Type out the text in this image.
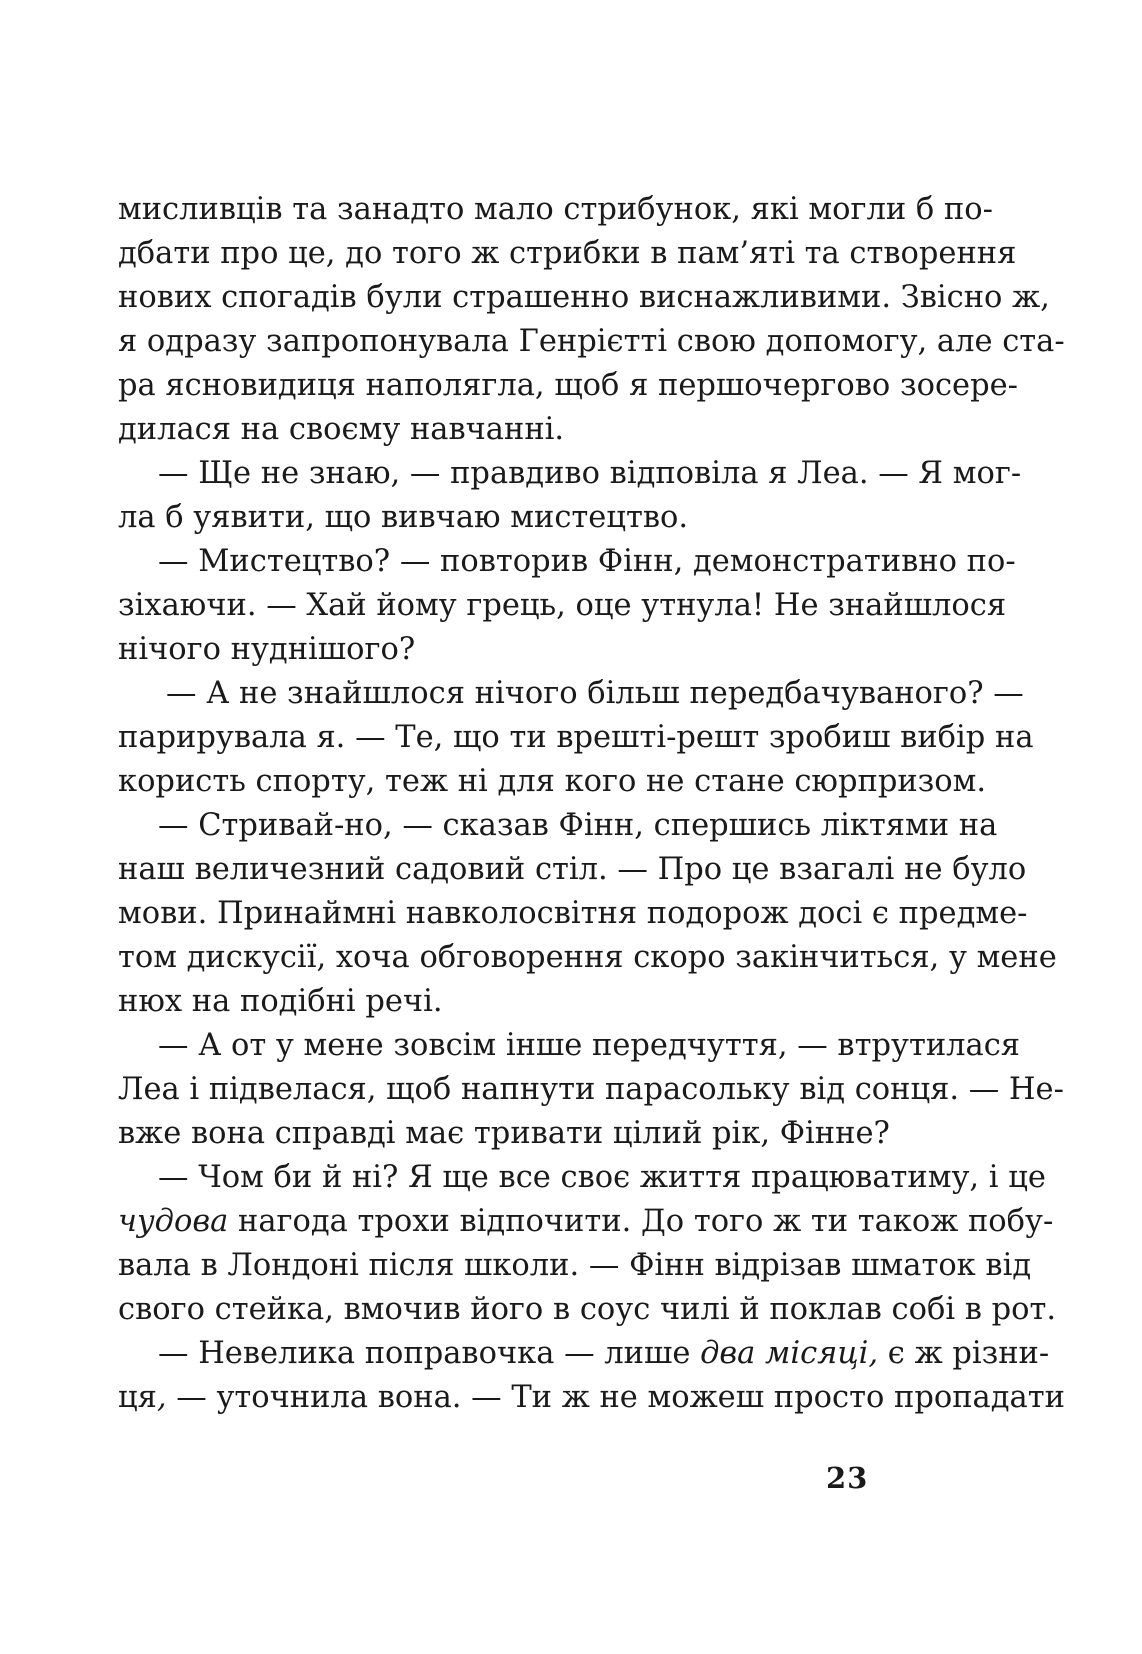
мисливців та занадто мало стрибунок, які могли б по-
дбати про це, до того ж стрибки в пам’яті та створення
нових спогадів були страшенно виснажливими. Звісно ж,
я одразу запропонувала Генрієтті свою допомогу, але ста-
ра ясновидиця наполягла, щоб я першочергово зосере-
дилася на своєму навчанні.
— Ще не знаю, — правдиво відповіла я Леа. — Я мог-
ла б уявити, що вивчаю мистецтво.
— Мистецтво? — повторив Фінн, демонстративно по-
зіхаючи. — Хай йому грець, оце утнула! Не знайшлося
нічого нуднішого?
— А не знайшлося нічого більш передбачуваного? —
парирувала я. — Те, що ти врешті-решт зробиш вибір на
користь спорту, теж ні для кого не стане сюрпризом.
— Стривай-но, — сказав Фінн, спершись ліктями на
наш величезний садовий стіл. — Про це взагалі не було
мови. Принаймні навколосвітня подорож досі є предме-
том дискусії, хоча обговорення скоро закінчиться, у мене
нюх на подібні речі.
— А от у мене зовсім інше передчуття, — втрутилася
Леа і підвелася, щоб напнути парасольку від сонця. — Не-
вже вона справді має тривати цілий рік, Фінне?
— Чом би й ні? Я ще все своє життя працюватиму, і це
чудова нагода трохи відпочити. До того ж ти також побу-
вала в Лондоні після школи. — Фінн відрізав шматок від
свого стейка, вмочив його в соус чилі й поклав собі в рот.
— Невелика поправочка — лише два місяці, є ж різни-
ця, — уточнила вона. — Ти ж не можеш просто пропадати
23
